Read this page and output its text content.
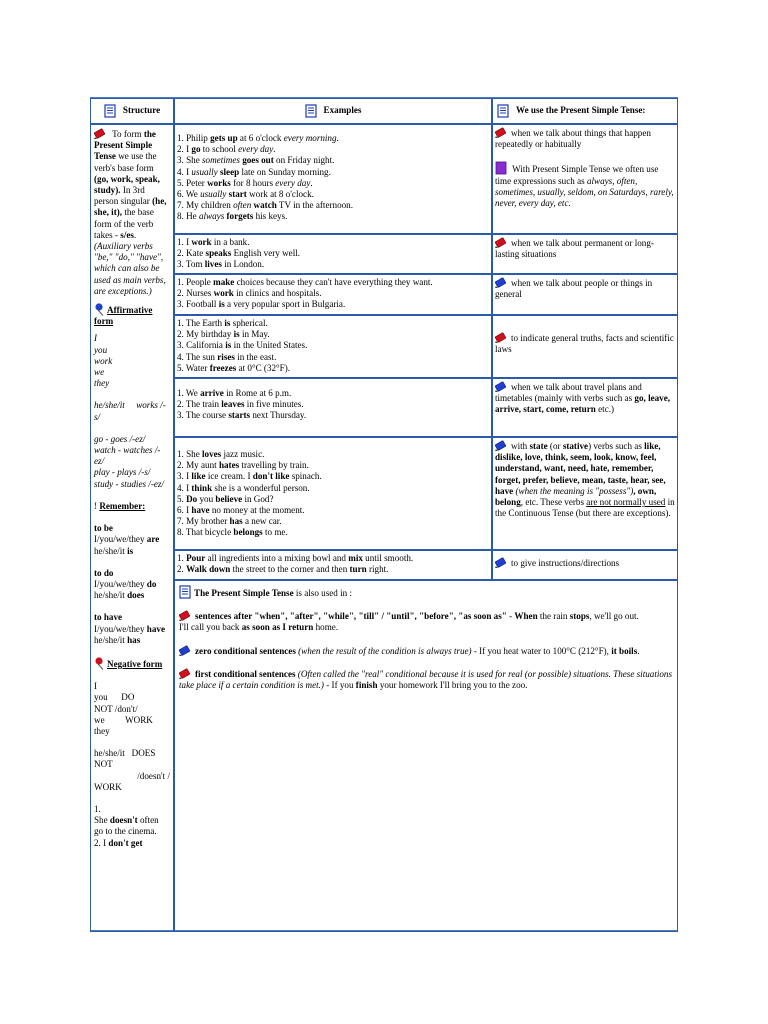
Structure	Examples	We use the Present Simple Tense:

To form the Present Simple Tense we use the verb's base form (go, work, speak, study). In 3rd person singular (he, she, it), the base form of the verb takes - s/es. (Auxiliary verbs "be," "do," "have", which can also be used as main verbs, are exceptions.)

Affirmative form

I

you

work

we

they

he/she/it works /-s/

go - goes /-ez/

watch - watches /-ez/

play - plays /-s/

study - studies /-ez/

! Remember:

to be

I/you/we/they are

he/she/it is

to do

I/you/we/they do

he/she/it does

to have

I/you/we/they have

he/she/it has

Negative form

I

you DO

NOT /don't/

we WORK

they

he/she/it DOES

NOT

/doesn't /

WORK

1.

She doesn't often go to the cinema.

2. I don't get

1. Philip gets up at 6 o'clock every morning.
2. I go to school every day.
3. She sometimes goes out on Friday night.
4. I usually sleep late on Sunday morning.
5. Peter works for 8 hours every day.
6. We usually start work at 8 o'clock.
7. My children often watch TV in the afternoon.
8. He always forgets his keys.

when we talk about things that happen repeatedly or habitually

With Present Simple Tense we often use time expressions such as always, often, sometimes, usually, seldom, on Saturdays, rarely, never, every day, etc.

1. I work in a bank.
2. Kate speaks English very well.
3. Tom lives in London.

when we talk about permanent or long-lasting situations

1. People make choices because they can't have everything they want.
2. Nurses work in clinics and hospitals.
3. Football is a very popular sport in Bulgaria.

when we talk about people or things in general

1. The Earth is spherical.
2. My birthday is in May.
3. California is in the United States.
4. The sun rises in the east.
5. Water freezes at 0°C (32°F).

to indicate general truths, facts and scientific laws

1. We arrive in Rome at 6 p.m.
2. The train leaves in five minutes.
3. The course starts next Thursday.

when we talk about travel plans and timetables (mainly with verbs such as go, leave, arrive, start, come, return etc.)

1. She loves jazz music.
2. My aunt hates travelling by train.
3. I like ice cream. I don't like spinach.
4. I think she is a wonderful person.
5. Do you believe in God?
6. I have no money at the moment.
7. My brother has a new car.
8. That bicycle belongs to me.

with state (or stative) verbs such as like, dislike, love, think, seem, look, know, feel, understand, want, need, hate, remember, forget, prefer, believe, mean, taste, hear, see, have (when the meaning is "possess"), own, belong, etc. These verbs are not normally used in the Continuous Tense (but there are exceptions).

1. Pour all ingredients into a mixing bowl and mix until smooth.
2. Walk down the street to the corner and then turn right.

to give instructions/directions

The Present Simple Tense is also used in :

sentences after "when", "after", "while", "till" / "until", "before", "as soon as" - When the rain stops, we'll go out.
I'll call you back as soon as I return home.

zero conditional sentences (when the result of the condition is always true) - If you heat water to 100°C (212°F), it boils.

first conditional sentences (Often called the "real" conditional because it is used for real (or possible) situations. These situations take place if a certain condition is met.) - If you finish your homework I'll bring you to the zoo.
